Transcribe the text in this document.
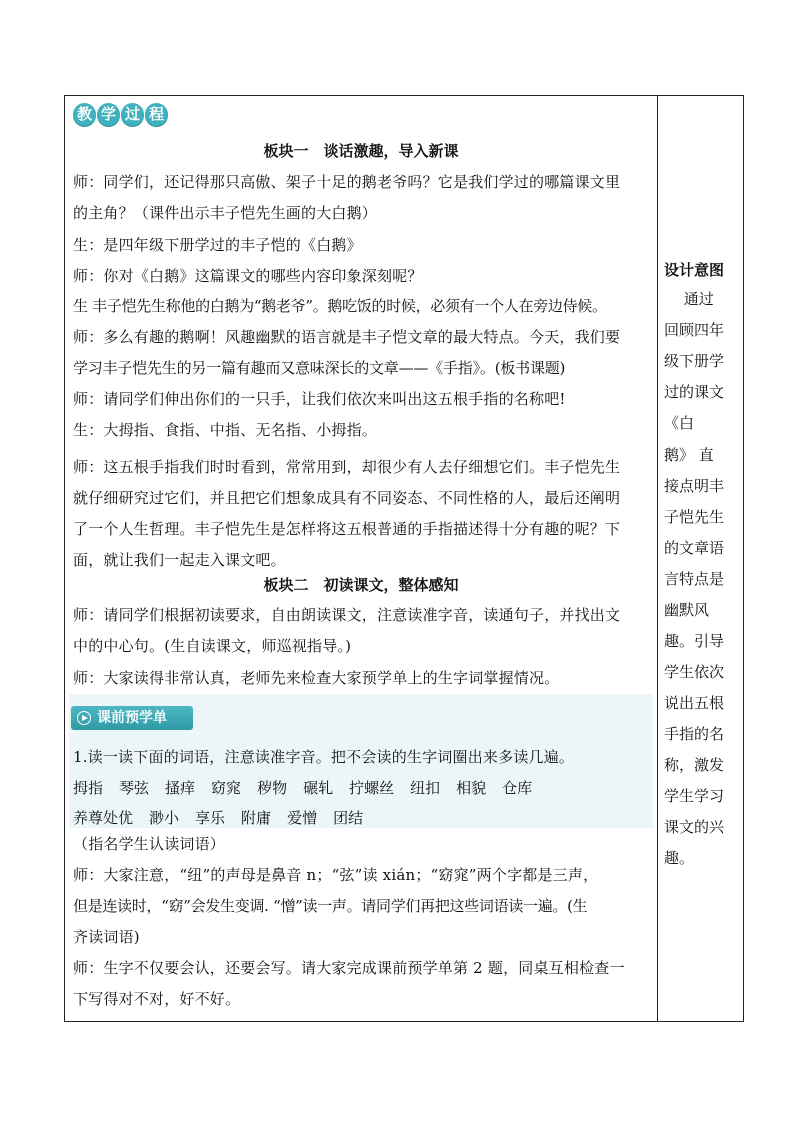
教 学 过 程
板块一　谈话激趣，导入新课
师：同学们，还记得那只高傲、架子十足的鹅老爷吗？它是我们学过的哪篇课文里
的主角？（课件出示丰子恺先生画的大白鹅）
生：是四年级下册学过的丰子恺的《白鹅》
师：你对《白鹅》这篇课文的哪些内容印象深刻呢？
生 丰子恺先生称他的白鹅为“鹅老爷”。鹅吃饭的时候，必须有一个人在旁边侍候。
师：多么有趣的鹅啊！风趣幽默的语言就是丰子恺文章的最大特点。今天，我们要
学习丰子恺先生的另一篇有趣而又意味深长的文章——《手指》。(板书课题)
师：请同学们伸出你们的一只手，让我们依次来叫出这五根手指的名称吧!
生：大拇指、食指、中指、无名指、小拇指。
师：这五根手指我们时时看到，常常用到，却很少有人去仔细想它们。丰子恺先生
就仔细研究过它们，并且把它们想象成具有不同姿态、不同性格的人，最后还阐明
了一个人生哲理。丰子恺先生是怎样将这五根普通的手指描述得十分有趣的呢？下
面，就让我们一起走入课文吧。
板块二　初读课文，整体感知
师：请同学们根据初读要求，自由朗读课文，注意读准字音，读通句子，并找出文
中的中心句。(生自读课文，师巡视指导。)
师：大家读得非常认真，老师先来检查大家预学单上的生字词掌握情况。
课前预学单
1.读一读下面的词语，注意读准字音。把不会读的生字词圈出来多读几遍。
拇指 琴弦 搔痒 窈窕 秽物 碾轧 拧螺丝 纽扣 相貌 仓库
养尊处优 渺小 享乐 附庸 爱憎 团结
（指名学生认读词语）
师：大家注意，“纽”的声母是鼻音 n；“弦”读 xián；“窈窕”两个字都是三声，
但是连读时，“窈”会发生变调. “憎”读一声。请同学们再把这些词语读一遍。(生
齐读词语)
师：生字不仅要会认，还要会写。请大家完成课前预学单第 2 题，同桌互相检查一
下写得对不对，好不好。
设计意图
　 通过
回顾四年
级下册学
过的课文
《白
鹅》 直
接点明丰
子恺先生
的文章语
言特点是
幽默风
趣。引导
学生依次
说出五根
手指的名
称，激发
学生学习
课文的兴
趣。
